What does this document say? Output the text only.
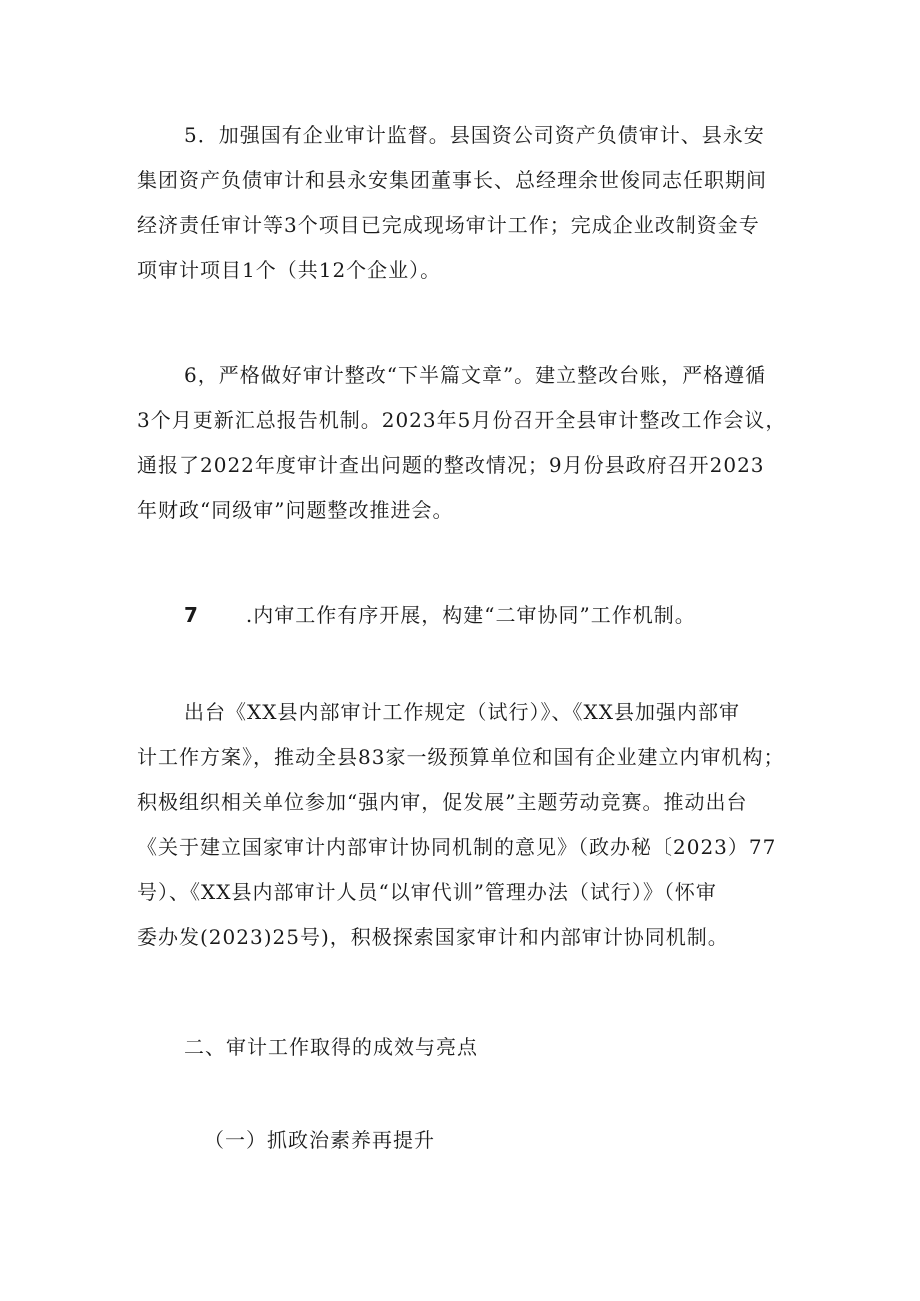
5．加强国有企业审计监督。县国资公司资产负债审计、县永安
集团资产负债审计和县永安集团董事长、总经理余世俊同志任职期间
经济责任审计等3个项目已完成现场审计工作；完成企业改制资金专
项审计项目1个（共12个企业）。

6，严格做好审计整改“下半篇文章”。建立整改台账，严格遵循
3个月更新汇总报告机制。2023年5月份召开全县审计整改工作会议，
通报了2022年度审计查出问题的整改情况；9月份县政府召开2023
年财政“同级审”问题整改推进会。

7 .内审工作有序开展，构建“二审协同”工作机制。

出台《XX县内部审计工作规定（试行）》、《XX县加强内部审
计工作方案》，推动全县83家一级预算单位和国有企业建立内审机构；
积极组织相关单位参加“强内审，促发展”主题劳动竞赛。推动出台
《关于建立国家审计内部审计协同机制的意见》（政办秘〔2023）77
号）、《XX县内部审计人员“以审代训”管理办法（试行）》（怀审
委办发(2023)25号)，积极探索国家审计和内部审计协同机制。

二、审计工作取得的成效与亮点

（一）抓政治素养再提升
